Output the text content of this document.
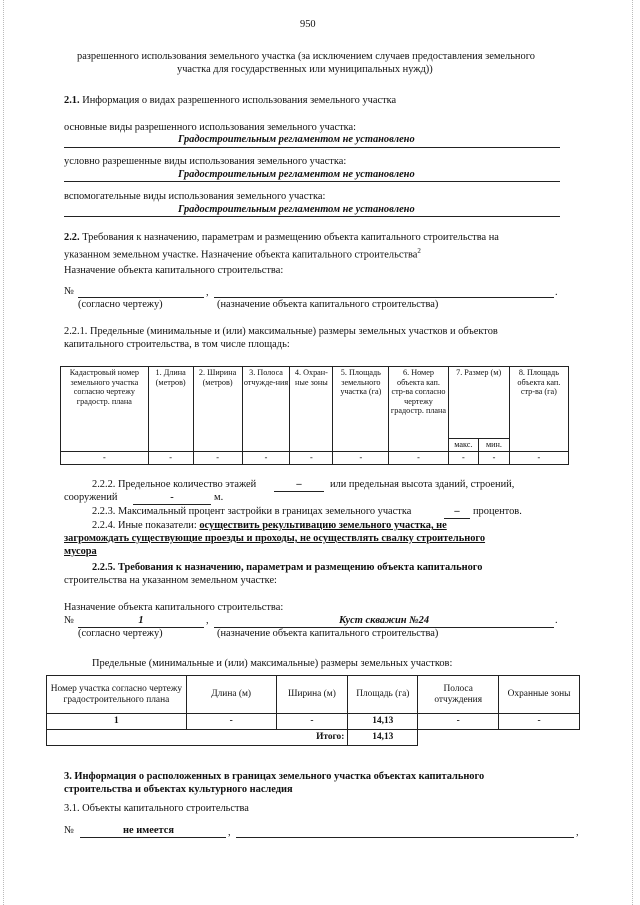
950
разрешенного использования земельного участка (за исключением случаев предоставления земельного
участка для государственных или муниципальных нужд))
2.1. Информация о видах разрешенного использования земельного участка
основные виды разрешенного использования земельного участка:
Градостроительным регламентом не установлено
условно разрешенные виды использования земельного участка:
Градостроительным регламентом не установлено
вспомогательные виды использования земельного участка:
Градостроительным регламентом не установлено
2.2. Требования к назначению, параметрам и размещению объекта капитального строительства на
указанном земельном участке. Назначение объекта капитального строительства$^2$
Назначение объекта капитального строительства:
№	,	.
(согласно чертежу)	(назначение объекта капитального строительства)
2.2.1. Предельные (минимальные и (или) максимальные) размеры земельных участков и объектов
капитального строительства, в том числе площадь:
Кадастровый номер земельного участка согласно чертежу градостр. плана	1. Длина (метров)	2. Ширина (метров)	3. Полоса отчужде-ния	4. Охран-ные зоны	5. Площадь земельного участка (га)	6. Номер объекта кап. стр-ва согласно чертежу градостр. плана	7. Размер (м)		8. Площадь объекта кап. стр-ва (га)
							макс.	мин.	
-	-	-	-	-	-	-	-	-	-
2.2.2. Предельное количество этажей	–	или предельная высота зданий, строений,
сооружений	-	м.
2.2.3. Максимальный процент застройки в границах земельного участка	–	процентов.
2.2.4. Иные показатели: осуществить рекультивацию земельного участка, не
загромождать существующие проезды и проходы, не осуществлять свалку строительного
мусора
2.2.5. Требования к назначению, параметрам и размещению объекта капитального
строительства на указанном земельном участке:
Назначение объекта капитального строительства:
№	1	,	Куст скважин №24	.
(согласно чертежу)	(назначение объекта капитального строительства)
Предельные (минимальные и (или) максимальные) размеры земельных участков:
Номер участка согласно чертежу градостроительного плана	Длина (м)	Ширина (м)	Площадь (га)	Полоса отчуждения	Охранные зоны
1	-	-	14,13	-	-
Итого:			14,13		
3. Информация о расположенных в границах земельного участка объектах капитального
строительства и объектах культурного наследия
3.1. Объекты капитального строительства
№	не имеется	,	,
